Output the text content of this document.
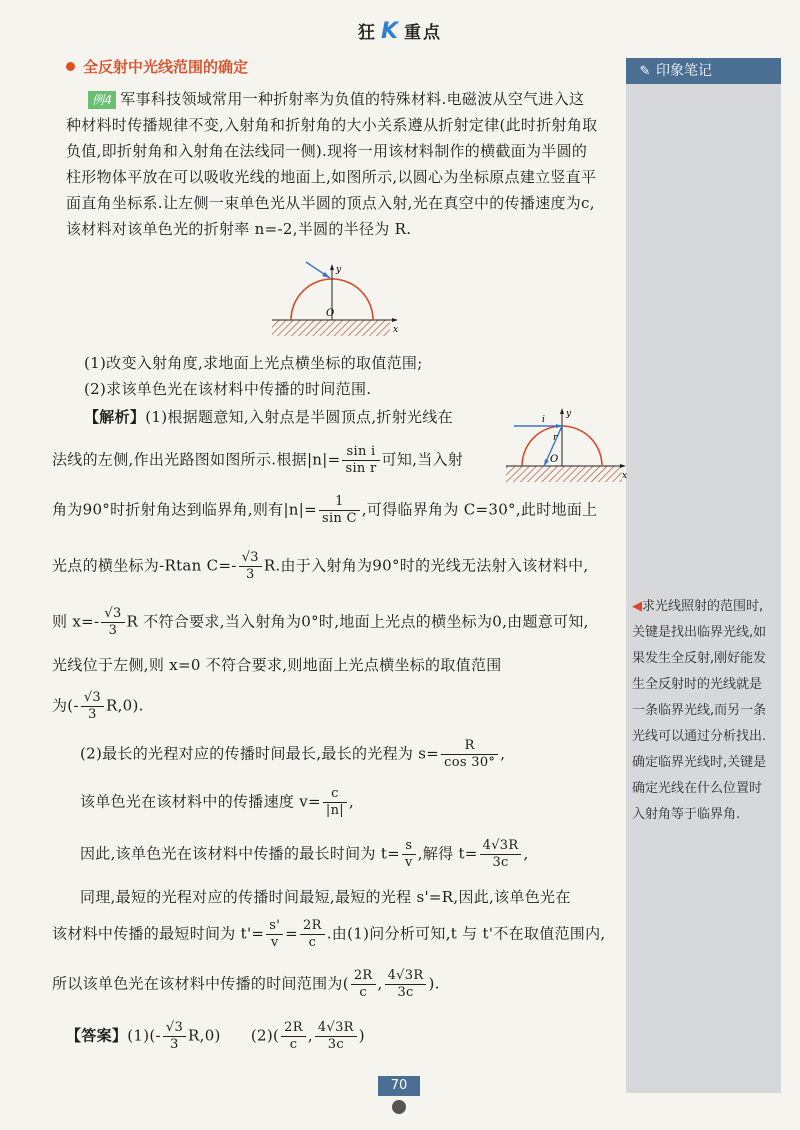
狂 K 重点
全反射中光线范围的确定	✎ 印象笔记
◀求光线照射的范围时,关键是找出临界光线,如果发生全反射,刚好能发生全反射时的光线就是一条临界光线,而另一条光线可以通过分析找出.确定临界光线时,关键是确定光线在什么位置时入射角等于临界角.
例4 军事科技领域常用一种折射率为负值的特殊材料.电磁波从空气进入这
种材料时传播规律不变,入射角和折射角的大小关系遵从折射定律(此时折射角取
负值,即折射角和入射角在法线同一侧).现将一用该材料制作的横截面为半圆的
柱形物体平放在可以吸收光线的地面上,如图所示,以圆心为坐标原点建立竖直平
面直角坐标系.让左侧一束单色光从半圆的顶点入射,光在真空中的传播速度为c,
该材料对该单色光的折射率 n=-2,半圆的半径为 R.
y
x
O
(1)改变入射角度,求地面上光点横坐标的取值范围;
(2)求该单色光在该材料中传播的时间范围.
i
r
y
x
O
【解析】(1)根据题意知,入射点是半圆顶点,折射光线在
法线的左侧,作出光路图如图所示.根据$|n|= \frac{\text{sin i}}{\text{sin r}}$ 可知,当入射
角为90°时折射角达到临界角,则有$|n|= \frac{1}{\text{sin C}}$ ,可得临界角为 C=30°,此时地面上
光点的横坐标为-Rtan $C=- \frac{√3}{3} R$.由于入射角为90°时的光线无法射入该材料中,
则 $x=- \frac{√3}{3}$ R 不符合要求,当入射角为0°时,地面上光点的横坐标为0,由题意可知,
光线位于左侧,则 x=0 不符合要求,则地面上光点横坐标的取值范围
为(- $\frac{√3}{3} R,0$).
(2)最长的光程对应的传播时间最长,最长的光程为 $s= \frac{R}{\cos 30^\circ}$ ,
该单色光在该材料中的传播速度 $v= \frac{c}{|n|}$ ,
因此,该单色光在该材料中传播的最长时间为 $t= \frac{s}{v}$ ,解得 $t= \frac{4√3R}{3c}$ ,
同理,最短的光程对应的传播时间最短,最短的光程 s'=R,因此,该单色光在
该材料中传播的最短时间为 $t'= \frac{s'}{v} = \frac{2R}{c}$ .由(1)问分析可知,t 与 t'不在取值范围内,
所以该单色光在该材料中传播的时间范围为( $\frac{2R}{c}$ , $\frac{4√3R}{3c}$ ).
【答案】$(1)(- \frac{√3}{3} R,0)$ $(2)( \frac{2R}{c}$ , $\frac{4√3R}{3c}$ )
70
